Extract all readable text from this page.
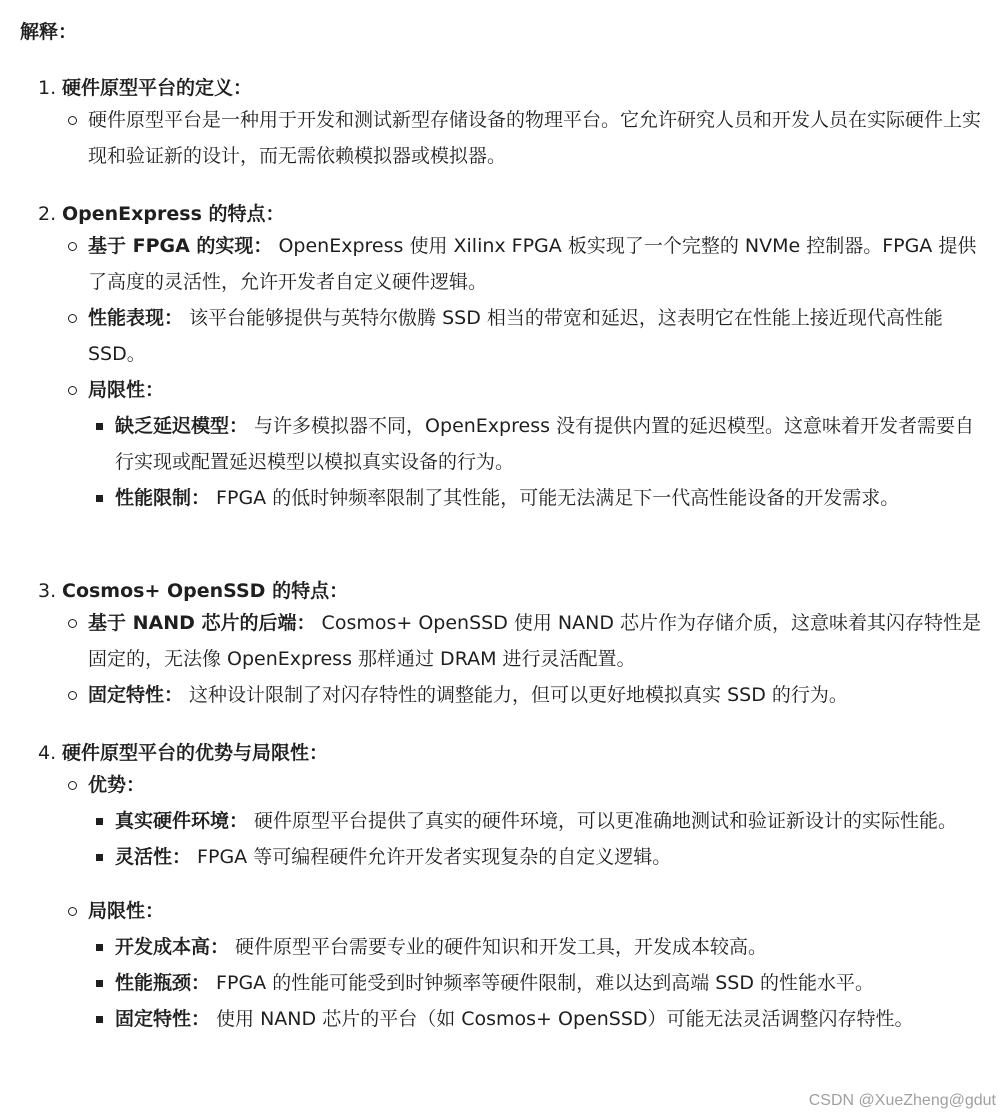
解释：
1. 硬件原型平台的定义：
硬件原型平台是一种用于开发和测试新型存储设备的物理平台。它允许研究人员和开发人员在实际硬件上实现和验证新的设计，而无需依赖模拟器或模拟器。
2. OpenExpress 的特点：
基于 FPGA 的实现： OpenExpress 使用 Xilinx FPGA 板实现了一个完整的 NVMe 控制器。FPGA 提供了高度的灵活性，允许开发者自定义硬件逻辑。
性能表现： 该平台能够提供与英特尔傲腾 SSD 相当的带宽和延迟，这表明它在性能上接近现代高性能 SSD。
局限性：
缺乏延迟模型： 与许多模拟器不同，OpenExpress 没有提供内置的延迟模型。这意味着开发者需要自行实现或配置延迟模型以模拟真实设备的行为。
性能限制： FPGA 的低时钟频率限制了其性能，可能无法满足下一代高性能设备的开发需求。
3. Cosmos+ OpenSSD 的特点：
基于 NAND 芯片的后端： Cosmos+ OpenSSD 使用 NAND 芯片作为存储介质，这意味着其闪存特性是固定的，无法像 OpenExpress 那样通过 DRAM 进行灵活配置。
固定特性： 这种设计限制了对闪存特性的调整能力，但可以更好地模拟真实 SSD 的行为。
4. 硬件原型平台的优势与局限性：
优势：
真实硬件环境： 硬件原型平台提供了真实的硬件环境，可以更准确地测试和验证新设计的实际性能。
灵活性： FPGA 等可编程硬件允许开发者实现复杂的自定义逻辑。
局限性：
开发成本高： 硬件原型平台需要专业的硬件知识和开发工具，开发成本较高。
性能瓶颈： FPGA 的性能可能受到时钟频率等硬件限制，难以达到高端 SSD 的性能水平。
固定特性： 使用 NAND 芯片的平台（如 Cosmos+ OpenSSD）可能无法灵活调整闪存特性。
CSDN @XueZheng@gdut
